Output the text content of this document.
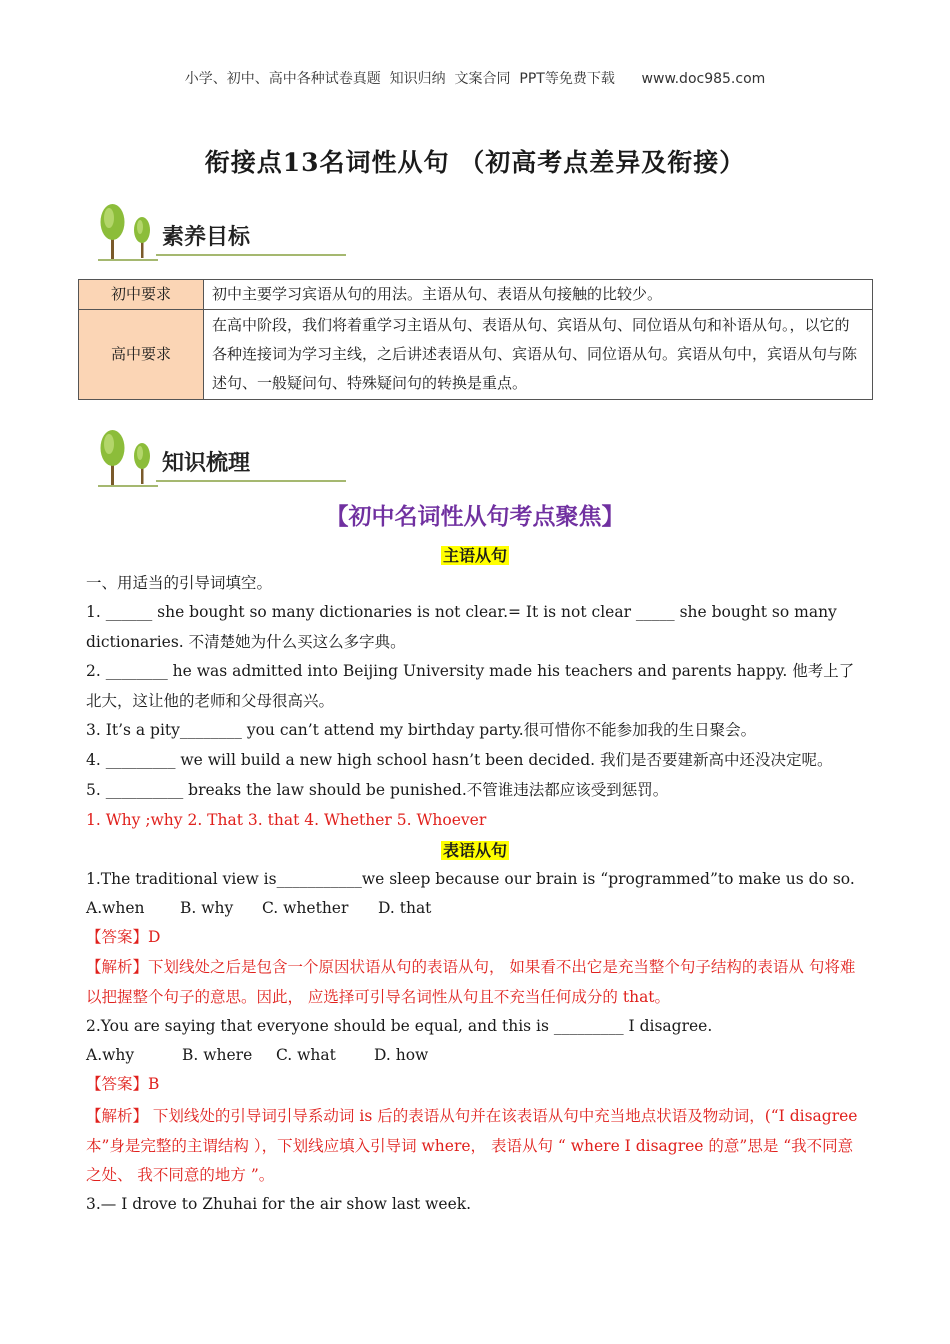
小学、初中、高中各种试卷真题  知识归纳  文案合同  PPT等免费下载      www.doc985.com
衔接点13名词性从句 （初高考点差异及衔接）
素养目标
初中要求	初中主要学习宾语从句的用法。主语从句、表语从句接触的比较少。
高中要求	在高中阶段，我们将着重学习主语从句、表语从句、宾语从句、同位语从句和补语从句。，以它的各种连接词为学习主线，之后讲述表语从句、宾语从句、同位语从句。宾语从句中，宾语从句与陈述句、一般疑问句、特殊疑问句的转换是重点。
知识梳理
【初中名词性从句考点聚焦】
主语从句
一、用适当的引导词填空。
1. ______ she bought so many dictionaries is not clear.= It is not clear _____ she bought so many dictionaries. 不清楚她为什么买这么多字典。
2. ________ he was admitted into Beijing University made his teachers and parents happy. 他考上了北大，这让他的老师和父母很高兴。
3. It’s a pity________ you can’t attend my birthday party.很可惜你不能参加我的生日聚会。
4. _________ we will build a new high school hasn’t been decided. 我们是否要建新高中还没决定呢。
5. __________ breaks the law should be punished.不管谁违法都应该受到惩罚。
1. Why ;why 2. That 3. that 4. Whether 5. Whoever
表语从句
1.The traditional view is___________we sleep because our brain is “programmed”to make us do so.
A.when B. why C. whether D. that
【答案】D
【解析】下划线处之后是包含一个原因状语从句的表语从句， 如果看不出它是充当整个句子结构的表语从 句将难以把握整个句子的意思。因此， 应选择可引导名词性从句且不充当任何成分的 that。
2.You are saying that everyone should be equal, and this is _________ I disagree.
A.why	B. where C. what D. how
【答案】B
【解析】 下划线处的引导词引导系动词 is 后的表语从句并在该表语从句中充当地点状语及物动词，(“I disagree 本”身是完整的主谓结构 ），下划线应填入引导词 where， 表语从句 “ where I disagree 的意”思是 “我不同意之处、 我不同意的地方 ”。
3.— I drove to Zhuhai for the air show last week.
